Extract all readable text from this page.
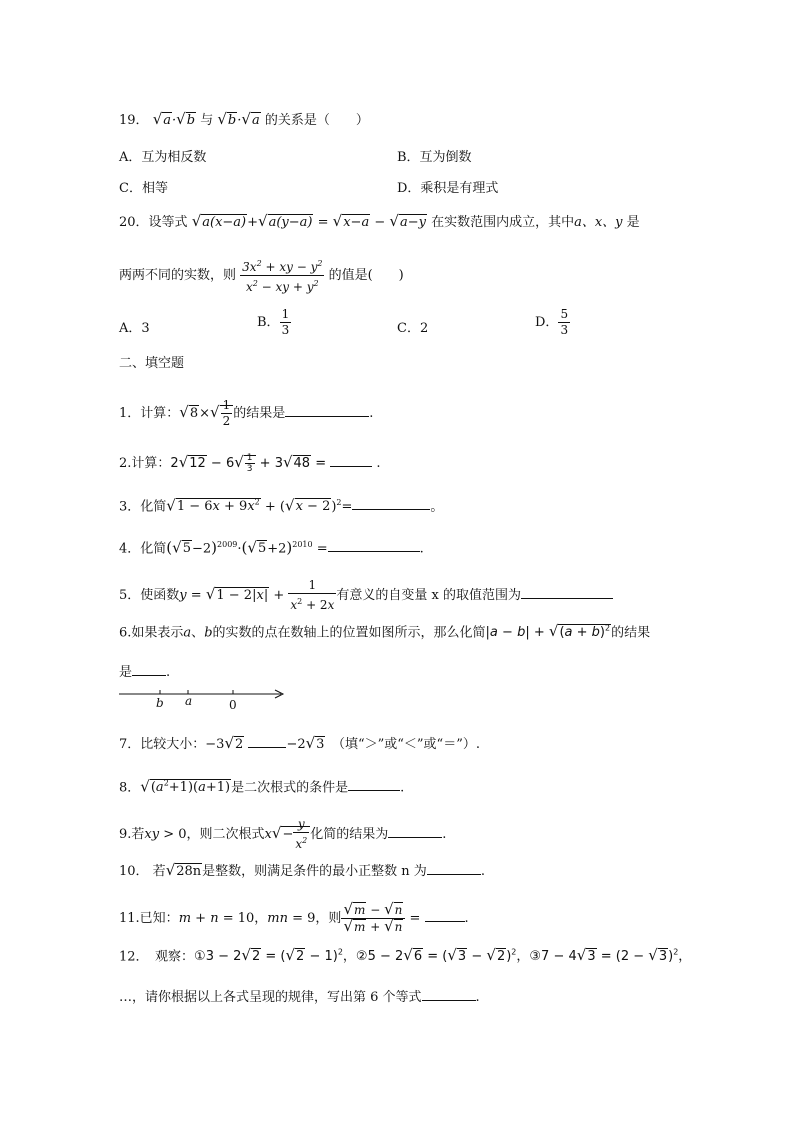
19． √a·√b 与 √b·√a 的关系是（　　）
A．互为相反数	B．互为倒数
C．相等	D．乘积是有理式
20．设等式 √a(x−a)+√a(y−a) = √x−a − √a−y 在实数范围内成立，其中a、x、y 是
两两不同的实数，则 $\frac{3x^2 + xy - y^2}{x^2 - xy + y^2}$ 的值是(　　)
A．3	B． $\frac{1}{3}$	C．2	D． $\frac{5}{3}$
二、填空题
1．计算：$√8\times√ \frac{1}{2}$ 的结果是	.
2.计算：$2√12 - 6√ \frac{1}{3} + 3√48$ =	.
3．化简$√1 - 6x + 9x^2 + (√x - 2)^2=$	。
4．化简$(√5-2)^{2009}\cdot(√5+2)^{2010}$ =	.
5．使函数$y = √1 - 2|x| + \frac{1}{x^2 + 2x}$ 有意义的自变量 x 的取值范围为
6.如果表示a、b的实数的点在数轴上的位置如图所示，那么化简$|a - b| + √(a + b)^2$的结果
是	.
b a	0
7．比较大小：−3√2	−2√3　 （填“＞”或“＜”或“＝”）.
8．$√(a^2+1)(a+1)$是二次根式的条件是	.
9.若xy > 0，则二次根式$x√- \frac{y}{x^2}$ 化简的结果为	.
10． 若√28n是整数，则满足条件的最小正整数 n 为	.
11.已知：m + n = 10，mn = 9，则 $\frac{√m - √n}{√m + √n}$ =	.
12．　观察：①3 − $2√2 = (√2 - 1)^2$，②5 − $2√6 = (√3 - √2)^2$，③7 − $4√3 = (2 - √3)^2$，
…，请你根据以上各式呈现的规律，写出第 6 个等式	.
